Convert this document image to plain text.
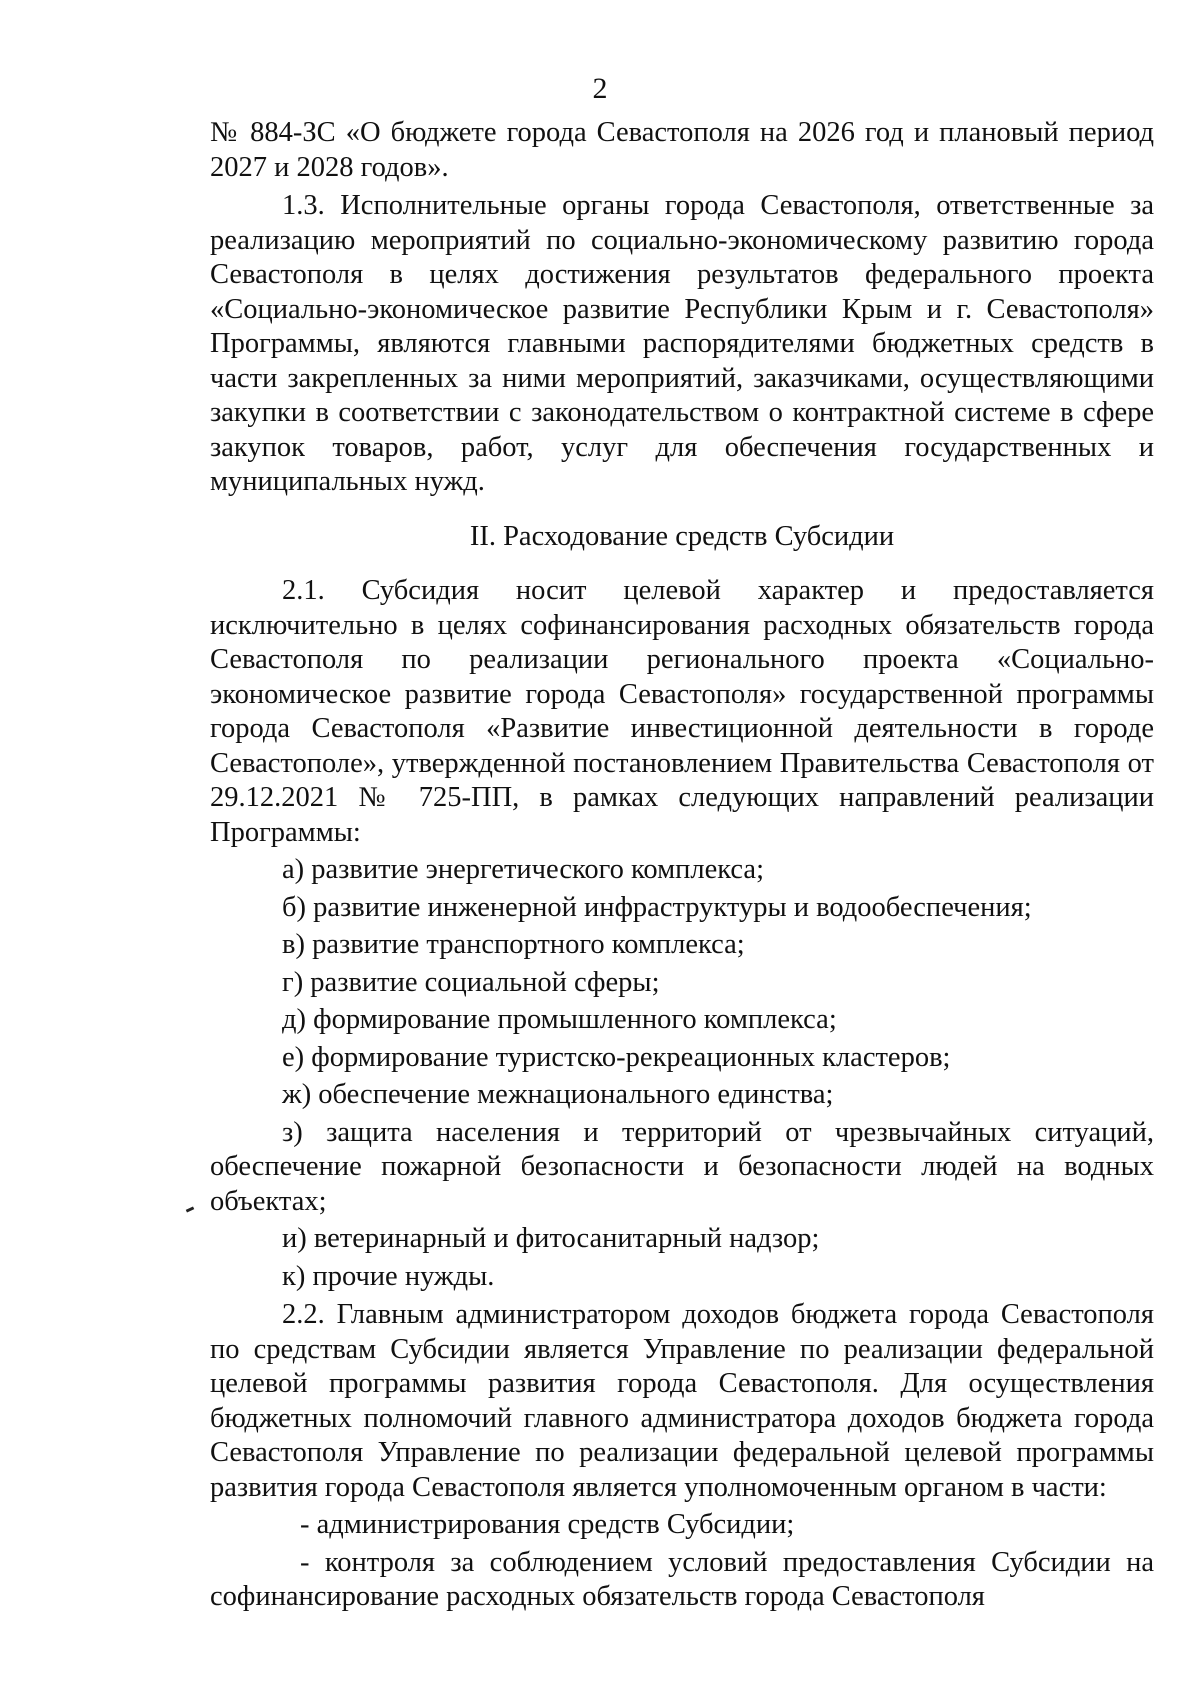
2

№ 884-ЗС «О бюджете города Севастополя на 2026 год и плановый период 2027 и 2028 годов».

1.3. Исполнительные органы города Севастополя, ответственные за реализацию мероприятий по социально-экономическому развитию города Севастополя в целях достижения результатов федерального проекта «Социально-экономическое развитие Республики Крым и г. Севастополя» Программы, являются главными распорядителями бюджетных средств в части закрепленных за ними мероприятий, заказчиками, осуществляющими закупки в соответствии с законодательством о контрактной системе в сфере закупок товаров, работ, услуг для обеспечения государственных и муниципальных нужд.

II. Расходование средств Субсидии

2.1. Субсидия носит целевой характер и предоставляется исключительно в целях софинансирования расходных обязательств города Севастополя по реализации регионального проекта «Социально-экономическое развитие города Севастополя» государственной программы города Севастополя «Развитие инвестиционной деятельности в городе Севастополе», утвержденной постановлением Правительства Севастополя от 29.12.2021 № 725-ПП, в рамках следующих направлений реализации Программы:

а) развитие энергетического комплекса;

б) развитие инженерной инфраструктуры и водообеспечения;

в) развитие транспортного комплекса;

г) развитие социальной сферы;

д) формирование промышленного комплекса;

е) формирование туристско-рекреационных кластеров;

ж) обеспечение межнационального единства;

з) защита населения и территорий от чрезвычайных ситуаций, обеспечение пожарной безопасности и безопасности людей на водных объектах;

и) ветеринарный и фитосанитарный надзор;

к) прочие нужды.

2.2. Главным администратором доходов бюджета города Севастополя по средствам Субсидии является Управление по реализации федеральной целевой программы развития города Севастополя. Для осуществления бюджетных полномочий главного администратора доходов бюджета города Севастополя Управление по реализации федеральной целевой программы развития города Севастополя является уполномоченным органом в части:

- администрирования средств Субсидии;

- контроля за соблюдением условий предоставления Субсидии на софинансирование расходных обязательств города Севастополя
